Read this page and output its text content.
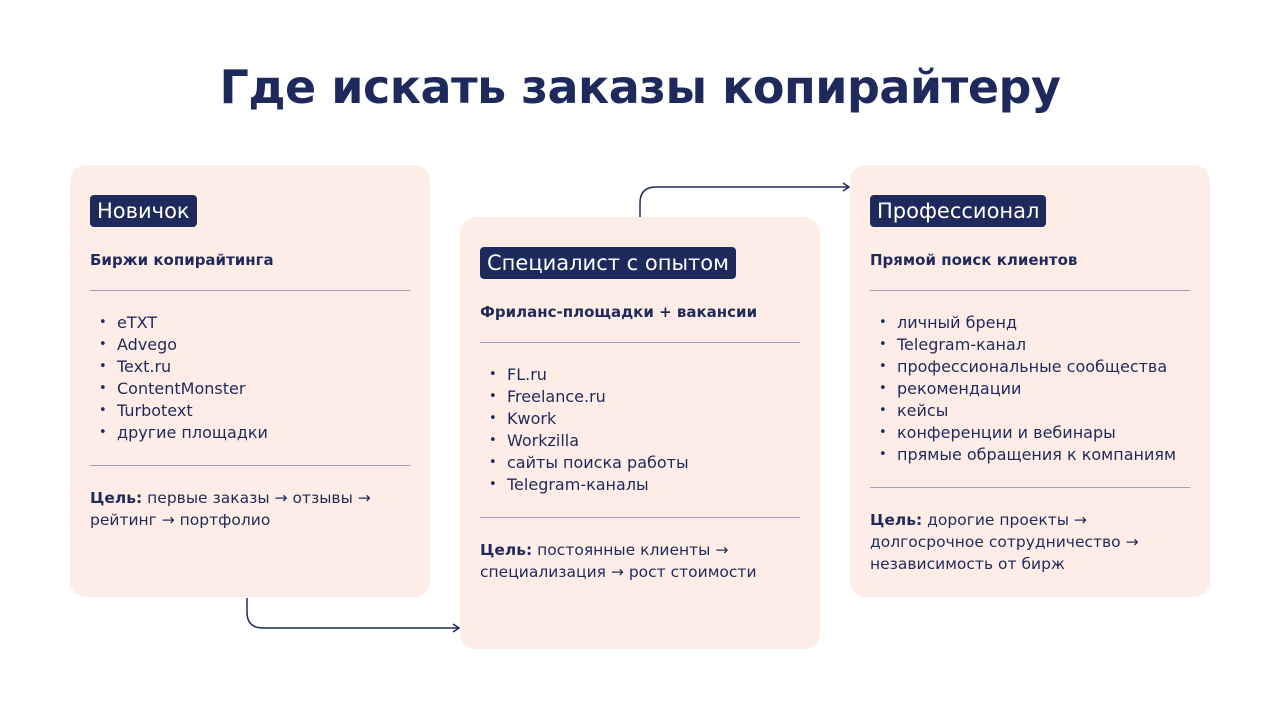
Где искать заказы копирайтеру
Новичок
Биржи копирайтинга
• eTXT
• Advego
• Text.ru
• ContentMonster
• Turbotext
• другие площадки
Цель: первые заказы → отзывы →
рейтинг → портфолио
Специалист с опытом
Фриланс-площадки + вакансии
• FL.ru
• Freelance.ru
• Kwork
• Workzilla
• сайты поиска работы
• Telegram-каналы
Цель: постоянные клиенты →
специализация → рост стоимости
Профессионал
Прямой поиск клиентов
• личный бренд
• Telegram-канал
• профессиональные сообщества
• рекомендации
• кейсы
• конференции и вебинары
• прямые обращения к компаниям
Цель: дорогие проекты →
долгосрочное сотрудничество →
независимость от бирж
